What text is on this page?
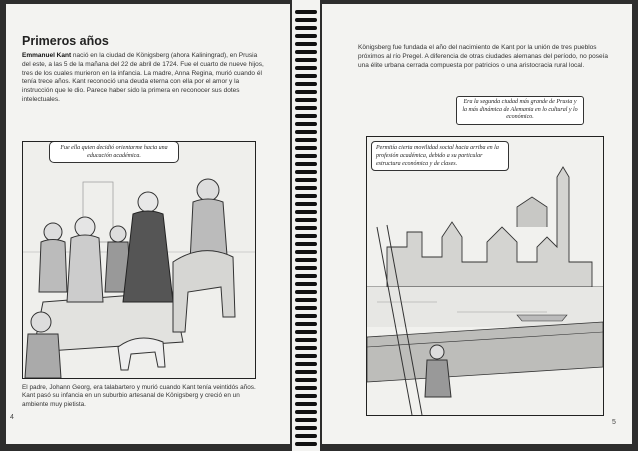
Primeros años
Emmanuel Kant nació en la ciudad de Königsberg (ahora Kaliningrad), en Prusia del este, a las 5 de la mañana del 22 de abril de 1724. Fue el cuarto de nueve hijos, tres de los cuales murieron en la infancia. La madre, Anna Regina, murió cuando él tenía trece años. Kant reconoció una deuda eterna con ella por el amor y la instrucción que le dio. Parece haber sido la primera en reconocer sus dotes intelectuales.
Fue ella quien decidió orientarme hacia una educación académica.
El padre, Johann Georg, era talabartero y murió cuando Kant tenía veintidós años. Kant pasó su infancia en un suburbio artesanal de Königsberg y creció en un ambiente muy pietista.
4
Königsberg fue fundada el año del nacimiento de Kant por la unión de tres pueblos próximos al río Pregel. A diferencia de otras ciudades alemanas del período, no poseía una élite urbana cerrada compuesta por patricios o una aristocracia rural local.
Permitía cierta movilidad social hacia arriba en la profesión académica, debido a su particular estructura económica y de clases.
Era la segunda ciudad más grande de Prusia y la más dinámica de Alemania en lo cultural y lo económico.
5
